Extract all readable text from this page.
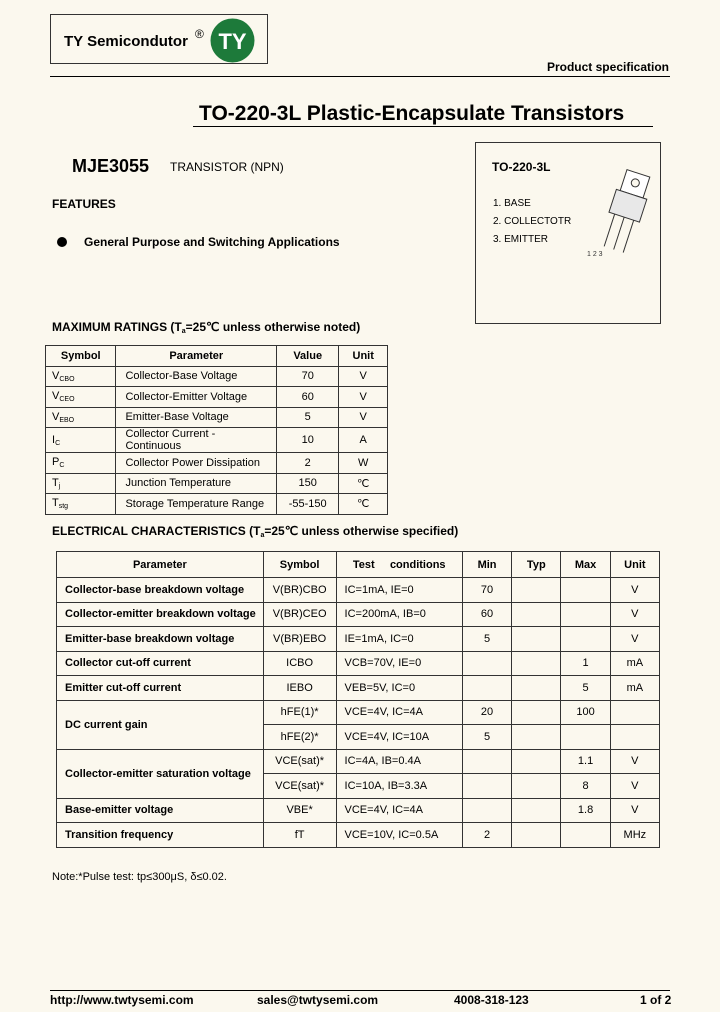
TY Semicondutor ® TY
Product specification
TO-220-3L Plastic-Encapsulate Transistors
MJE3055 TRANSISTOR (NPN)
FEATURES
General Purpose and Switching Applications
TO-220-3L
1. BASE
2. COLLECTOTR
3. EMITTER
1 2 3
MAXIMUM RATINGS ($T_a=25℃$ unless otherwise noted)
Symbol	Parameter	Value	Unit
$V_{CBO}$	Collector-Base Voltage	70	V
$V_{CEO}$	Collector-Emitter Voltage	60	V
$V_{EBO}$	Emitter-Base Voltage	5	V
$I_C$	Collector Current -Continuous	10	A
$P_C$	Collector Power Dissipation	2	W
$T_j$	Junction Temperature	150	℃
$T_{stg}$	Storage Temperature Range	-55-150	℃
ELECTRICAL CHARACTERISTICS ($T_a=25℃$ unless otherwise specified)
Parameter	Symbol	Test     conditions	Min	Typ	Max	Unit
Collector-base breakdown voltage	V(BR)CBO	IC=1mA, IE=0	70			V
Collector-emitter breakdown voltage	V(BR)CEO	IC=200mA, IB=0	60			V
Emitter-base breakdown voltage	V(BR)EBO	IE=1mA, IC=0	5			V
Collector cut-off current	ICBO	VCB=70V, IE=0			1	mA
Emitter cut-off current	IEBO	VEB=5V, IC=0			5	mA
DC current gain	hFE(1)*	VCE=4V, IC=4A	20		100	
	hFE(2)*	VCE=4V, IC=10A	5			
Collector-emitter saturation voltage	VCE(sat)*	IC=4A, IB=0.4A			1.1	V
	VCE(sat)*	IC=10A, IB=3.3A			8	V
Base-emitter voltage	VBE*	VCE=4V, IC=4A			1.8	V
Transition frequency	fT	VCE=10V, IC=0.5A	2			MHz
Note:*Pulse test: tp≤300μS, δ≤0.02.
http://www.twtysemi.com	sales@twtysemi.com	4008-318-123	1 of 2
